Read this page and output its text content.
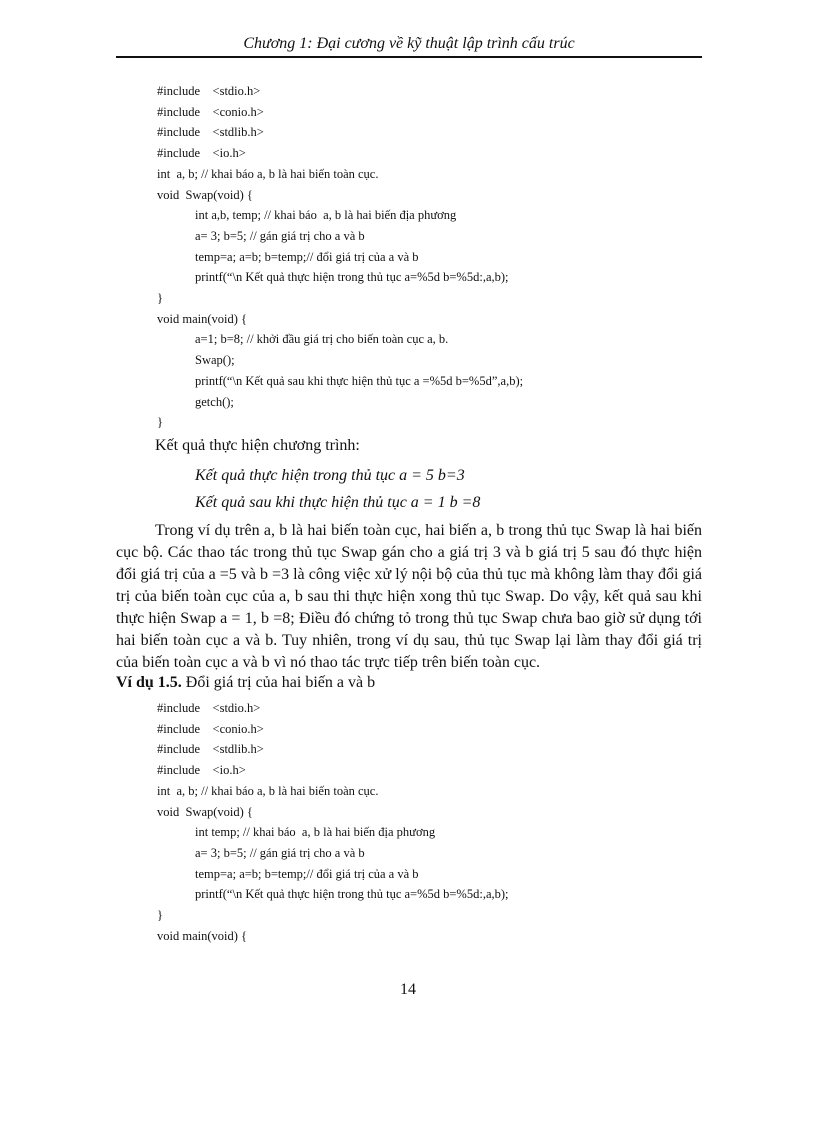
Chương 1: Đại cương về kỹ thuật lập trình cấu trúc
#include    <stdio.h>
#include    <conio.h>
#include    <stdlib.h>
#include    <io.h>
int  a, b; // khai báo a, b là hai biến toàn cục.
void  Swap(void) {
int a,b, temp; // khai báo  a, b là hai biến địa phương
a= 3; b=5; // gán giá trị cho a và b
temp=a; a=b; b=temp;// đổi giá trị của a và b
printf(“\n Kết quả thực hiện trong thủ tục a=%5d b=%5d:,a,b);
}
void main(void) {
a=1; b=8; // khởi đầu giá trị cho biến toàn cục a, b.
Swap();
printf(“\n Kết quả sau khi thực hiện thủ tục a =%5d b=%5d”,a,b);
getch();
}
Kết quả thực hiện chương trình:
Kết quả thực hiện trong thủ tục a = 5 b=3
Kết quả sau khi thực hiện thủ tục a = 1 b =8
Trong ví dụ trên a, b là hai biến toàn cục, hai biến a, b trong thủ tục Swap là hai biến cục bộ. Các thao tác trong thủ tục Swap gán cho a giá trị 3 và b giá trị 5 sau đó thực hiện đổi giá trị của a =5 và b =3 là công việc xử lý nội bộ của thủ tục mà không làm thay đổi giá trị của biến toàn cục của a, b sau thi thực hiện xong thủ tục Swap. Do vậy, kết quả sau khi thực hiện Swap a = 1, b =8; Điều đó chứng tỏ trong thủ tục Swap chưa bao giờ sử dụng tới hai biến toàn cục a và b. Tuy nhiên, trong ví dụ sau, thủ tục Swap lại làm thay đổi giá trị của biến toàn cục a và b vì nó thao tác trực tiếp trên biến toàn cục.
Ví dụ 1.5. Đổi giá trị của hai biến a và b
#include    <stdio.h>
#include    <conio.h>
#include    <stdlib.h>
#include    <io.h>
int  a, b; // khai báo a, b là hai biến toàn cục.
void  Swap(void) {
int temp; // khai báo  a, b là hai biến địa phương
a= 3; b=5; // gán giá trị cho a và b
temp=a; a=b; b=temp;// đổi giá trị của a và b
printf(“\n Kết quả thực hiện trong thủ tục a=%5d b=%5d:,a,b);
}
void main(void) {
14
